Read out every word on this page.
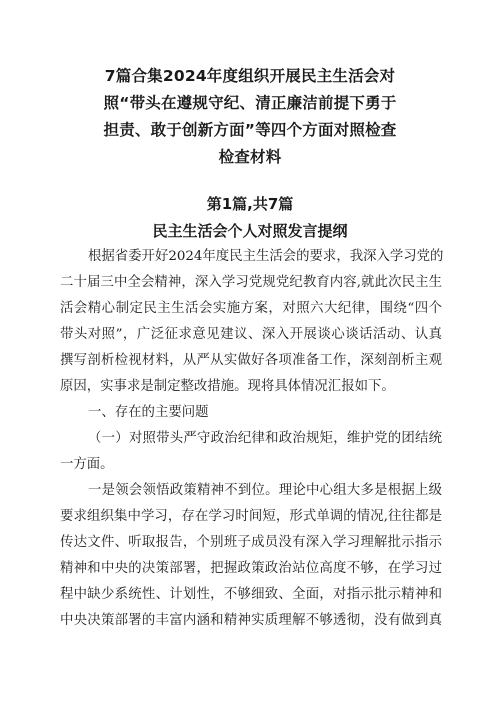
7篇合集2024年度组织开展民主生活会对
照“带头在遵规守纪、清正廉洁前提下勇于
担责、敢于创新方面”等四个方面对照检查
检查材料
第1篇,共7篇
民主生活会个人对照发言提纲
根据省委开好2024年度民主生活会的要求，我深入学习党的
二十届三中全会精神，深入学习党规党纪教育内容,就此次民主生
活会精心制定民主生活会实施方案，对照六大纪律，围绕“四个
带头对照”，广泛征求意见建议、深入开展谈心谈话活动、认真
撰写剖析检视材料，从严从实做好各项准备工作，深刻剖析主观
原因，实事求是制定整改措施。现将具体情况汇报如下。
一、存在的主要问题
（一）对照带头严守政治纪律和政治规矩，维护党的团结统
一方面。
一是领会领悟政策精神不到位。理论中心组大多是根据上级
要求组织集中学习，存在学习时间短，形式单调的情况,往往都是
传达文件、听取报告，个别班子成员没有深入学习理解批示指示
精神和中央的决策部署，把握政策政治站位高度不够，在学习过
程中缺少系统性、计划性，不够细致、全面，对指示批示精神和
中央决策部署的丰富内涵和精神实质理解不够透彻，没有做到真
